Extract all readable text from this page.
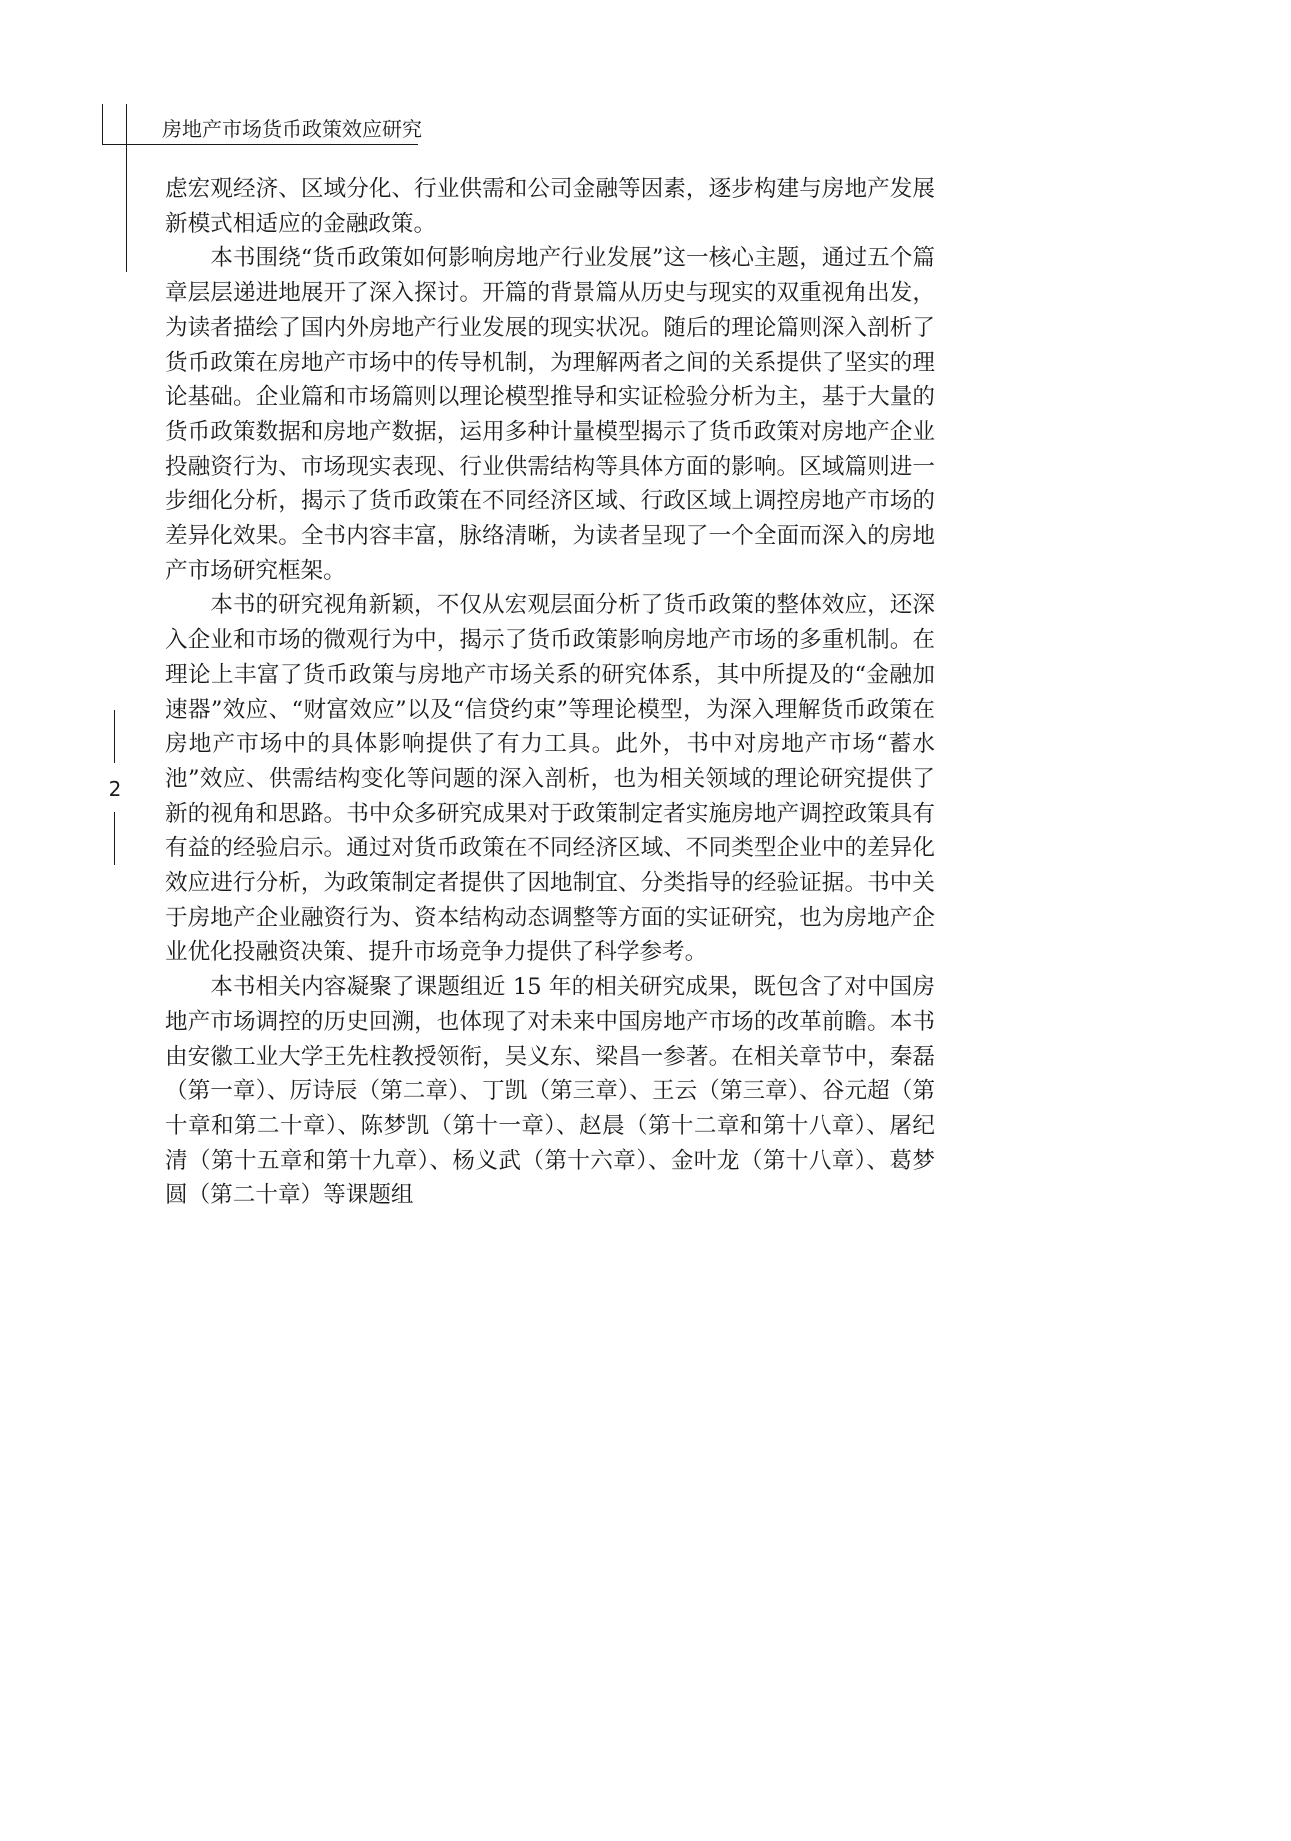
房地产市场货币政策效应研究
2

虑宏观经济、区域分化、行业供需和公司金融等因素，逐步构建与房地产发展新模式相适应的金融政策。

本书围绕“货币政策如何影响房地产行业发展”这一核心主题，通过五个篇章层层递进地展开了深入探讨。开篇的背景篇从历史与现实的双重视角出发，为读者描绘了国内外房地产行业发展的现实状况。随后的理论篇则深入剖析了货币政策在房地产市场中的传导机制，为理解两者之间的关系提供了坚实的理论基础。企业篇和市场篇则以理论模型推导和实证检验分析为主，基于大量的货币政策数据和房地产数据，运用多种计量模型揭示了货币政策对房地产企业投融资行为、市场现实表现、行业供需结构等具体方面的影响。区域篇则进一步细化分析，揭示了货币政策在不同经济区域、行政区域上调控房地产市场的差异化效果。全书内容丰富，脉络清晰，为读者呈现了一个全面而深入的房地产市场研究框架。

本书的研究视角新颖，不仅从宏观层面分析了货币政策的整体效应，还深入企业和市场的微观行为中，揭示了货币政策影响房地产市场的多重机制。在理论上丰富了货币政策与房地产市场关系的研究体系，其中所提及的“金融加速器”效应、“财富效应”以及“信贷约束”等理论模型，为深入理解货币政策在房地产市场中的具体影响提供了有力工具。此外，书中对房地产市场“蓄水池”效应、供需结构变化等问题的深入剖析，也为相关领域的理论研究提供了新的视角和思路。书中众多研究成果对于政策制定者实施房地产调控政策具有有益的经验启示。通过对货币政策在不同经济区域、不同类型企业中的差异化效应进行分析，为政策制定者提供了因地制宜、分类指导的经验证据。书中关于房地产企业融资行为、资本结构动态调整等方面的实证研究，也为房地产企业优化投融资决策、提升市场竞争力提供了科学参考。

本书相关内容凝聚了课题组近 15 年的相关研究成果，既包含了对中国房地产市场调控的历史回溯，也体现了对未来中国房地产市场的改革前瞻。本书由安徽工业大学王先柱教授领衔，吴义东、梁昌一参著。在相关章节中，秦磊（第一章）、厉诗辰（第二章）、丁凯（第三章）、王云（第三章）、谷元超（第十章和第二十章）、陈梦凯（第十一章）、赵晨（第十二章和第十八章）、屠纪清（第十五章和第十九章）、杨义武（第十六章）、金叶龙（第十八章）、葛梦圆（第二十章）等课题组
